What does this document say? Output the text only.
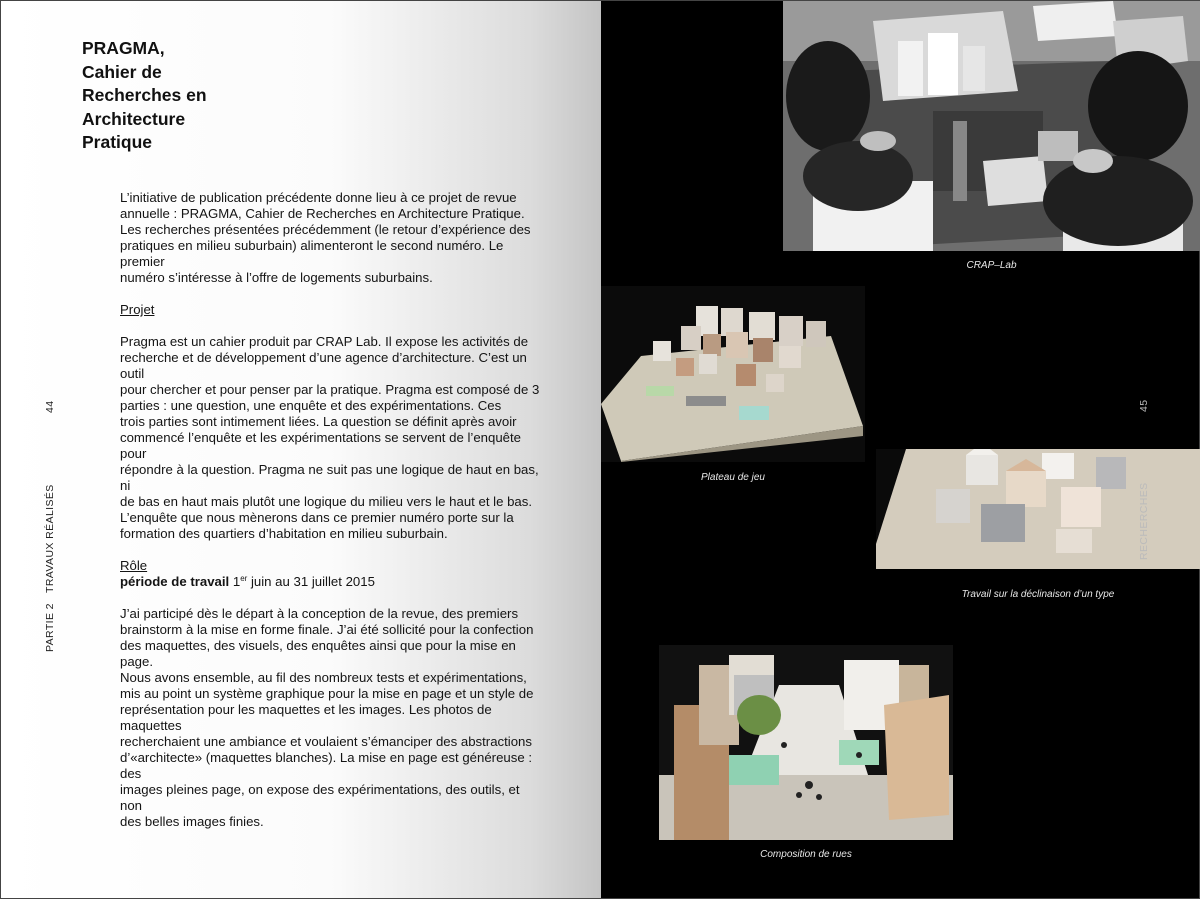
PRAGMA,
Cahier de
Recherches en
Architecture
Pratique

L’initiative de publication précédente donne lieu à ce projet de revue
annuelle : PRAGMA, Cahier de Recherches en Architecture Pratique.
Les recherches présentées précédemment (le retour d’expérience des
pratiques en milieu suburbain) alimenteront le second numéro. Le premier
numéro s’intéresse à l’offre de logements suburbains.

Projet

Pragma est un cahier produit par CRAP Lab. Il expose les activités de
recherche et de développement d’une agence d’architecture. C’est un outil
pour chercher et pour penser par la pratique. Pragma est composé de 3
parties : une question, une enquête et des expérimentations. Ces
trois parties sont intimement liées. La question se définit après avoir
commencé l’enquête et les expérimentations se servent de l’enquête pour
répondre à la question. Pragma ne suit pas une logique de haut en bas, ni
de bas en haut mais plutôt une logique du milieu vers le haut et le bas.
L’enquête que nous mènerons dans ce premier numéro porte sur la
formation des quartiers d’habitation en milieu suburbain.

Rôle

période de travail 1er juin au 31 juillet 2015

J’ai participé dès le départ à la conception de la revue, des premiers
brainstorm à la mise en forme finale. J’ai été sollicité pour la confection
des maquettes, des visuels, des enquêtes ainsi que pour la mise en page.
Nous avons ensemble, au fil des nombreux tests et expérimentations,
mis au point un système graphique pour la mise en page et un style de
représentation pour les maquettes et les images. Les photos de maquettes
recherchaient une ambiance et voulaient s’émanciper des abstractions
d’«architecte» (maquettes blanches). La mise en page est généreuse : des
images pleines page, on expose des expérimentations, des outils, et non
des belles images finies.

44
PARTIE 2
TRAVAUX RÉALISÉS
CRAP–Lab
Plateau de jeu
Travail sur la déclinaison d’un type
Composition de rues
45
RECHERCHES
